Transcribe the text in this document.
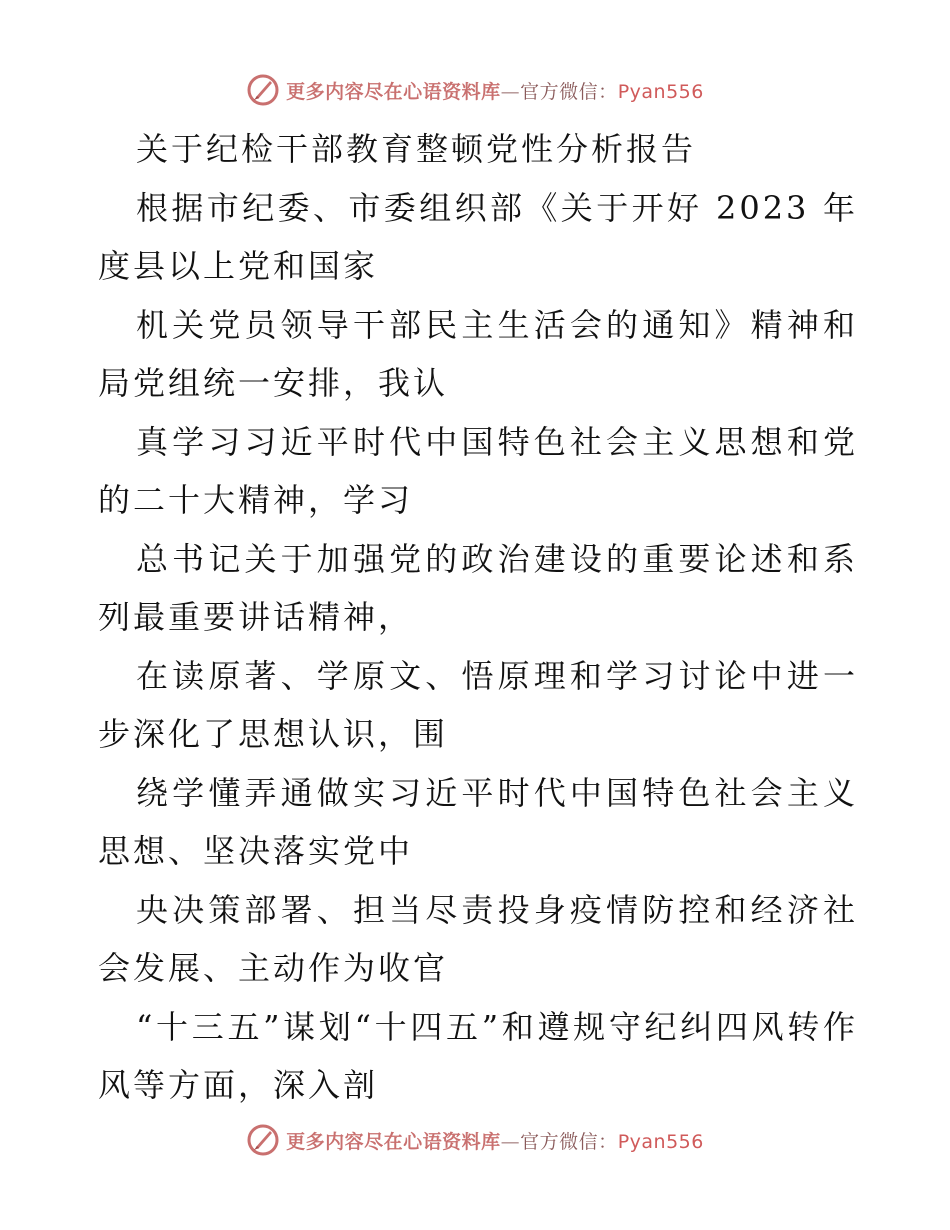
更多内容尽在心语资料库—官方微信：Pyan556

关于纪检干部教育整顿党性分析报告

根据市纪委、市委组织部《关于开好 2023 年度县以上党和国家

机关党员领导干部民主生活会的通知》精神和局党组统一安排，我认

真学习习近平时代中国特色社会主义思想和党的二十大精神，学习

总书记关于加强党的政治建设的重要论述和系列最重要讲话精神，

在读原著、学原文、悟原理和学习讨论中进一步深化了思想认识，围

绕学懂弄通做实习近平时代中国特色社会主义思想、坚决落实党中

央决策部署、担当尽责投身疫情防控和经济社会发展、主动作为收官

“十三五”谋划“十四五”和遵规守纪纠四风转作风等方面，深入剖

更多内容尽在心语资料库—官方微信：Pyan556
